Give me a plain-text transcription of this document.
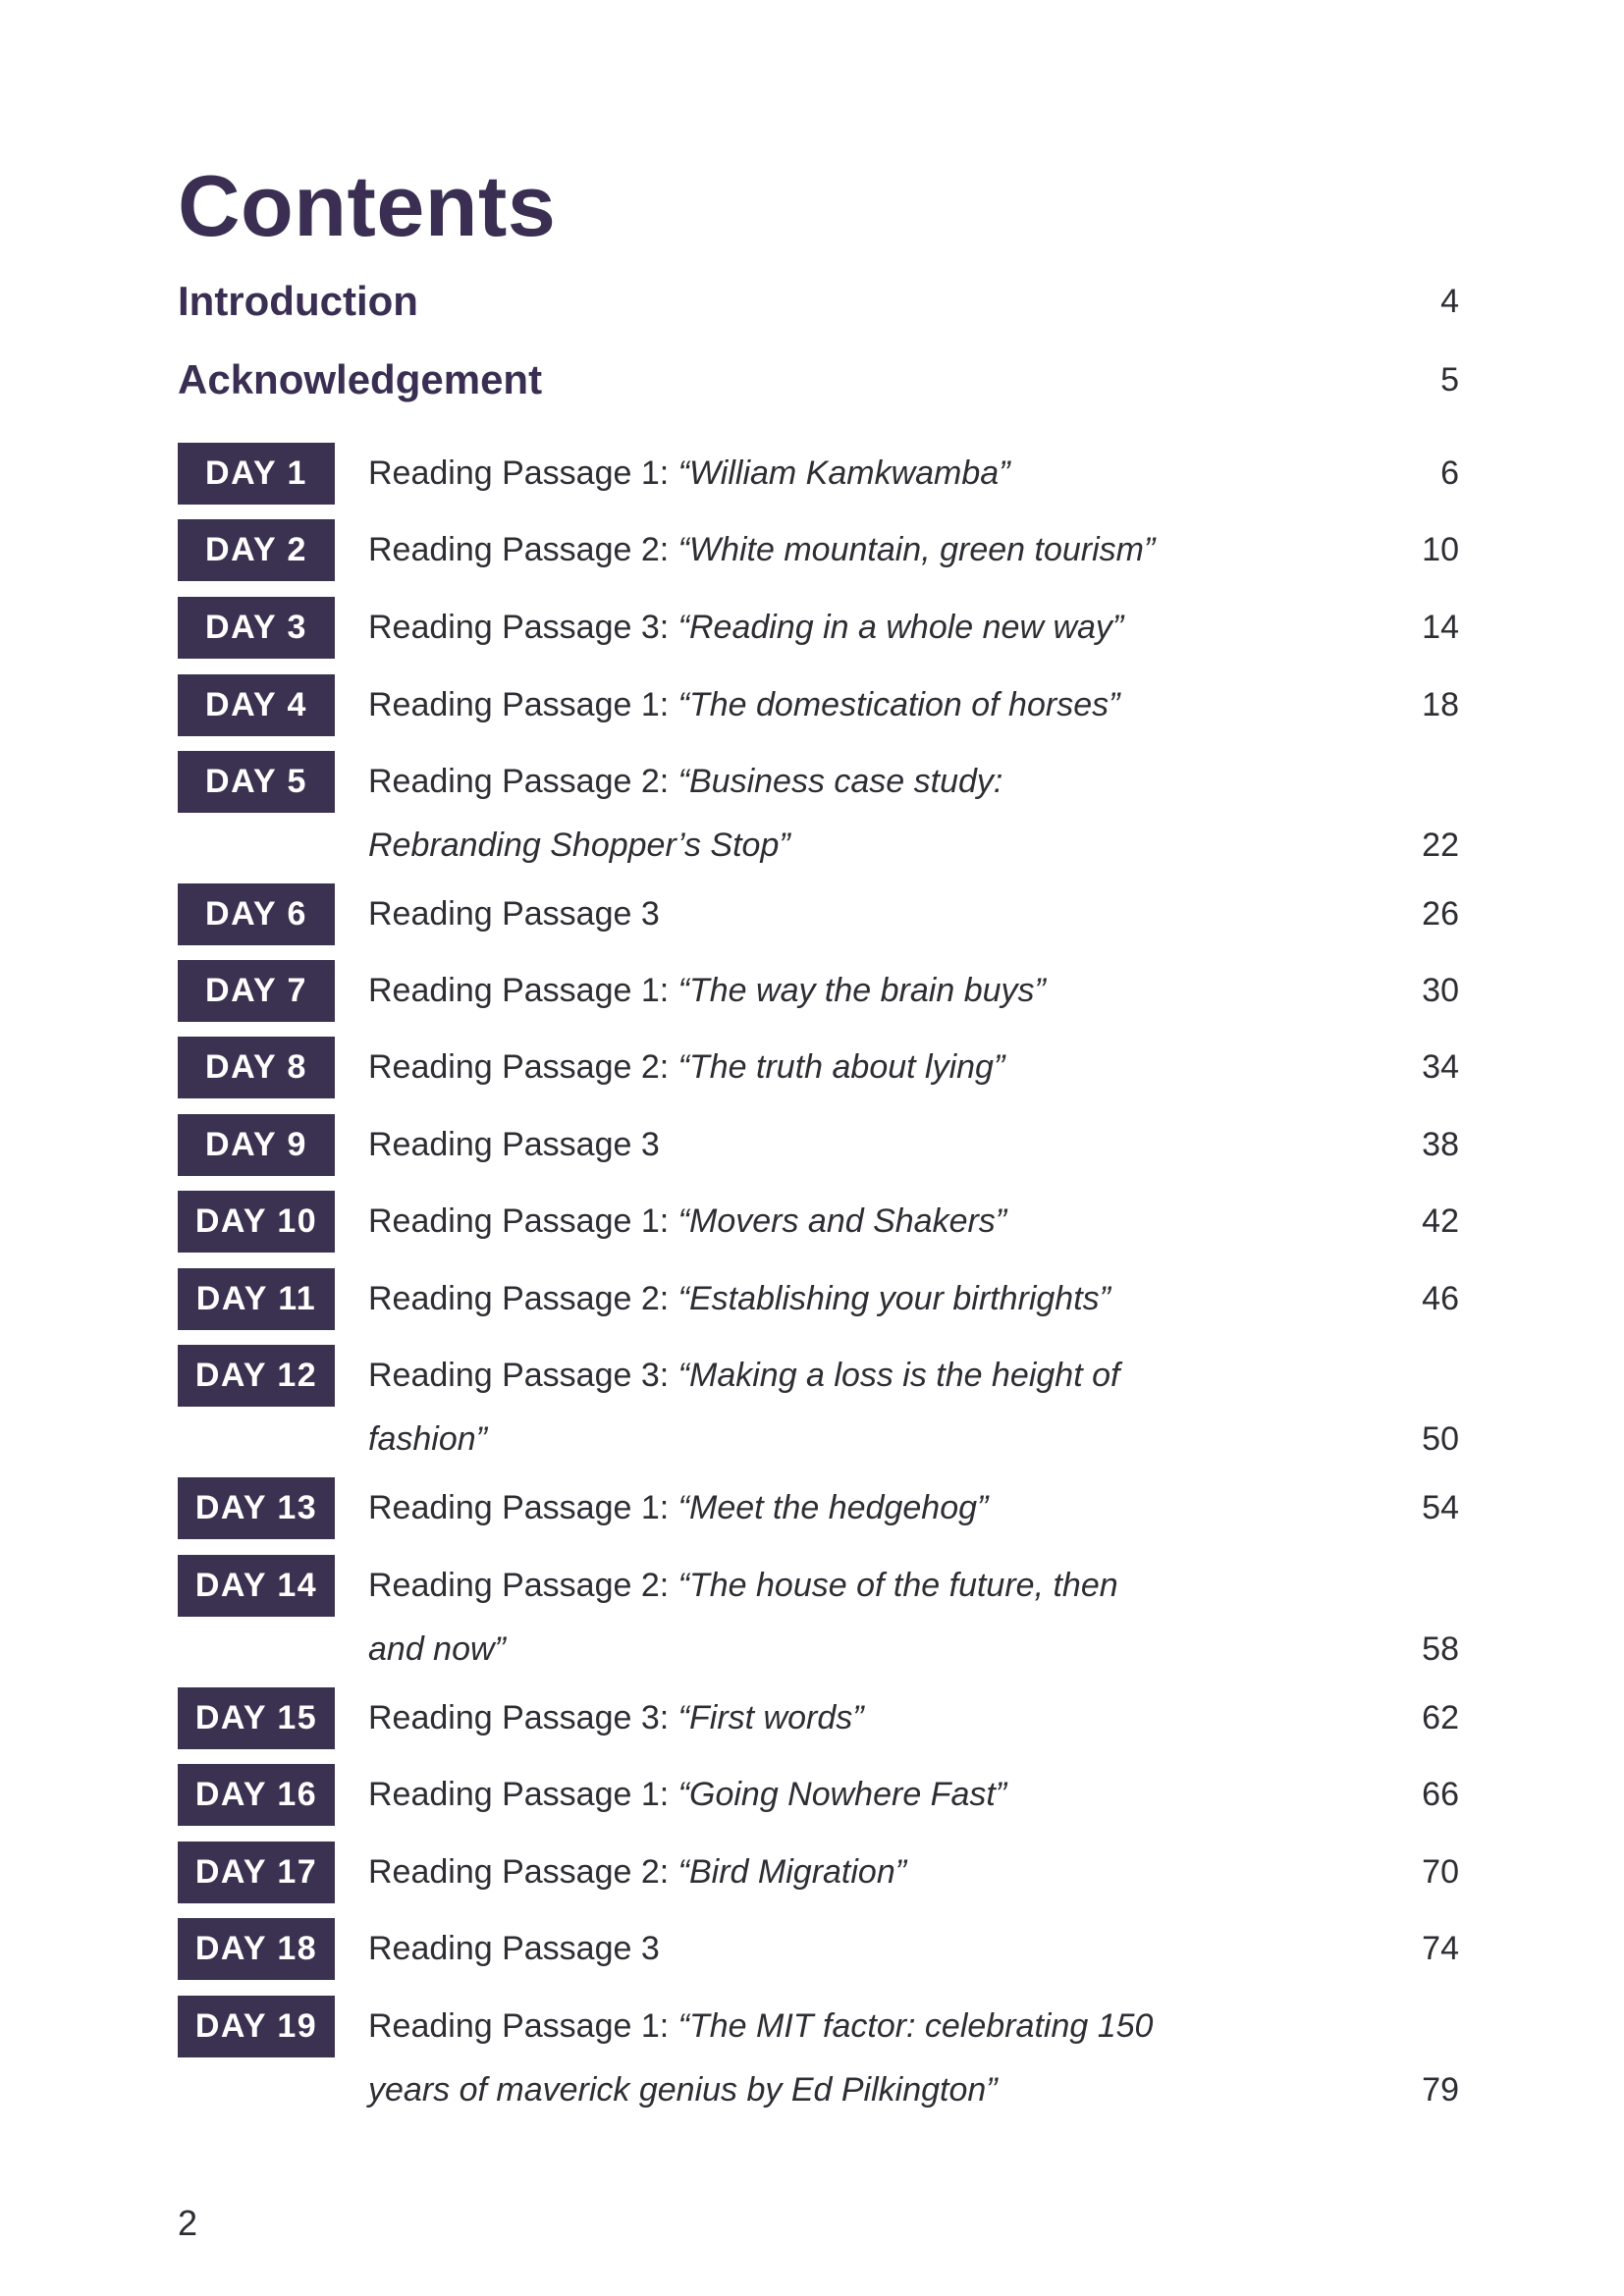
Contents
Introduction	4
Acknowledgement	5
DAY 1	Reading Passage 1: “William Kamkwamba”	6
DAY 2	Reading Passage 2: “White mountain, green tourism”	10
DAY 3	Reading Passage 3: “Reading in a whole new way”	14
DAY 4	Reading Passage 1: “The domestication of horses”	18
DAY 5	Reading Passage 2: “Business case study:
Rebranding Shopper’s Stop”	22
DAY 6	Reading Passage 3	26
DAY 7	Reading Passage 1: “The way the brain buys”	30
DAY 8	Reading Passage 2: “The truth about lying”	34
DAY 9	Reading Passage 3	38
DAY 10	Reading Passage 1: “Movers and Shakers”	42
DAY 11	Reading Passage 2: “Establishing your birthrights”	46
DAY 12	Reading Passage 3: “Making a loss is the height of
fashion”	50
DAY 13	Reading Passage 1: “Meet the hedgehog”	54
DAY 14	Reading Passage 2: “The house of the future, then
and now”	58
DAY 15	Reading Passage 3: “First words”	62
DAY 16	Reading Passage 1: “Going Nowhere Fast”	66
DAY 17	Reading Passage 2: “Bird Migration”	70
DAY 18	Reading Passage 3	74
DAY 19	Reading Passage 1: “The MIT factor: celebrating 150
years of maverick genius by Ed Pilkington”	79
2
